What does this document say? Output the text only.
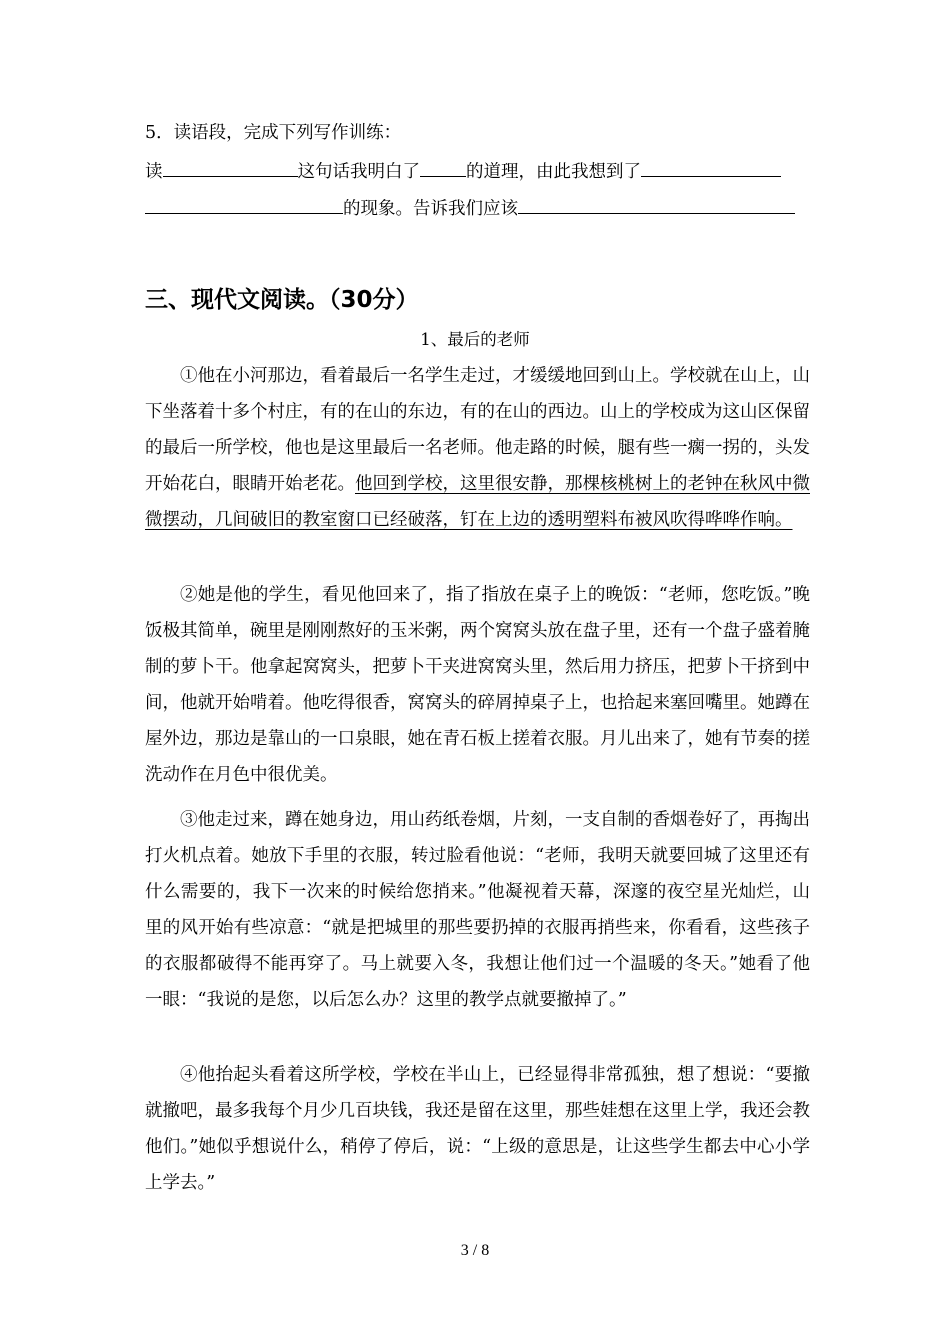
5．读语段，完成下列写作训练：
读	这句话我明白了	的道理，由此我想到了
的现象。告诉我们应该
三、现代文阅读。（30分）
1、最后的老师

①他在小河那边，看着最后一名学生走过，才缓缓地回到山上。学校就在山上，山下坐落着十多个村庄，有的在山的东边，有的在山的西边。山上的学校成为这山区保留的最后一所学校，他也是这里最后一名老师。他走路的时候，腿有些一瘸一拐的，头发开始花白，眼睛开始老花。他回到学校，这里很安静，那棵核桃树上的老钟在秋风中微微摆动，几间破旧的教室窗口已经破落，钉在上边的透明塑料布被风吹得哗哗作响。

②她是他的学生，看见他回来了，指了指放在桌子上的晚饭：“老师，您吃饭。”晚饭极其简单，碗里是刚刚熬好的玉米粥，两个窝窝头放在盘子里，还有一个盘子盛着腌制的萝卜干。他拿起窝窝头，把萝卜干夹进窝窝头里，然后用力挤压，把萝卜干挤到中间，他就开始啃着。他吃得很香，窝窝头的碎屑掉桌子上，也拾起来塞回嘴里。她蹲在屋外边，那边是靠山的一口泉眼，她在青石板上搓着衣服。月儿出来了，她有节奏的搓洗动作在月色中很优美。

③他走过来，蹲在她身边，用山药纸卷烟，片刻，一支自制的香烟卷好了，再掏出打火机点着。她放下手里的衣服，转过脸看他说：“老师，我明天就要回城了这里还有什么需要的，我下一次来的时候给您捎来。”他凝视着天幕，深邃的夜空星光灿烂，山里的风开始有些凉意：“就是把城里的那些要扔掉的衣服再捎些来，你看看，这些孩子的衣服都破得不能再穿了。马上就要入冬，我想让他们过一个温暖的冬天。”她看了他一眼：“我说的是您，以后怎么办？这里的教学点就要撤掉了。”

④他抬起头看着这所学校，学校在半山上，已经显得非常孤独，想了想说：“要撤就撤吧，最多我每个月少几百块钱，我还是留在这里，那些娃想在这里上学，我还会教他们。”她似乎想说什么，稍停了停后，说：“上级的意思是，让这些学生都去中心小学上学去。”

3 / 8
